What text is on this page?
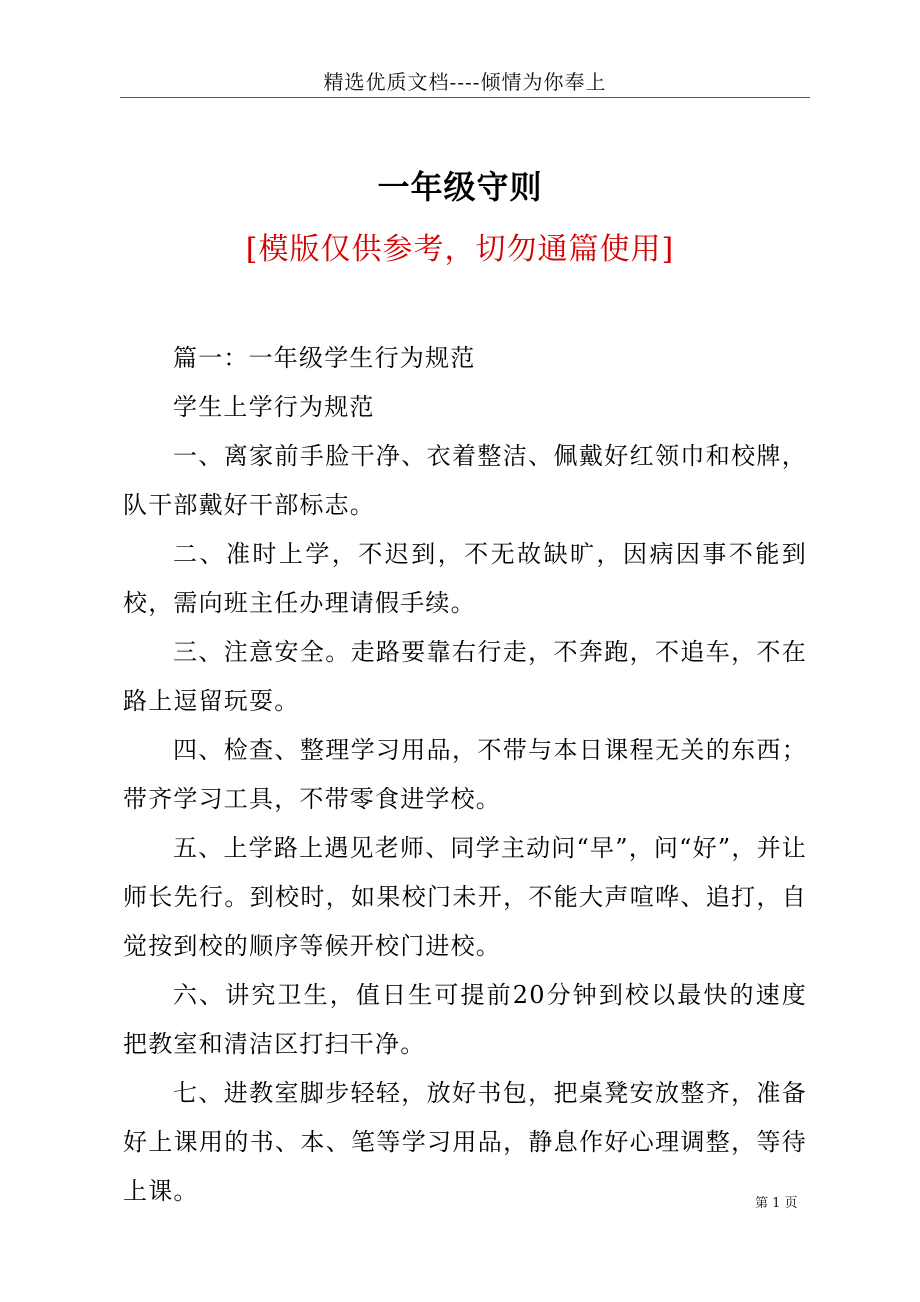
精选优质文档----倾情为你奉上
一年级守则
[模版仅供参考，切勿通篇使用]

篇一：一年级学生行为规范

学生上学行为规范

一、离家前手脸干净、衣着整洁、佩戴好红领巾和校牌，队干部戴好干部标志。

二、准时上学，不迟到，不无故缺旷，因病因事不能到校，需向班主任办理请假手续。

三、注意安全。走路要靠右行走，不奔跑，不追车，不在路上逗留玩耍。

四、检查、整理学习用品，不带与本日课程无关的东西；带齐学习工具，不带零食进学校。

五、上学路上遇见老师、同学主动问“早”，问“好”，并让师长先行。到校时，如果校门未开，不能大声喧哗、追打，自觉按到校的顺序等候开校门进校。

六、讲究卫生，值日生可提前20分钟到校以最快的速度把教室和清洁区打扫干净。

七、进教室脚步轻轻，放好书包，把桌凳安放整齐，准备好上课用的书、本、笔等学习用品，静息作好心理调整，等待上课。	第 1 页
